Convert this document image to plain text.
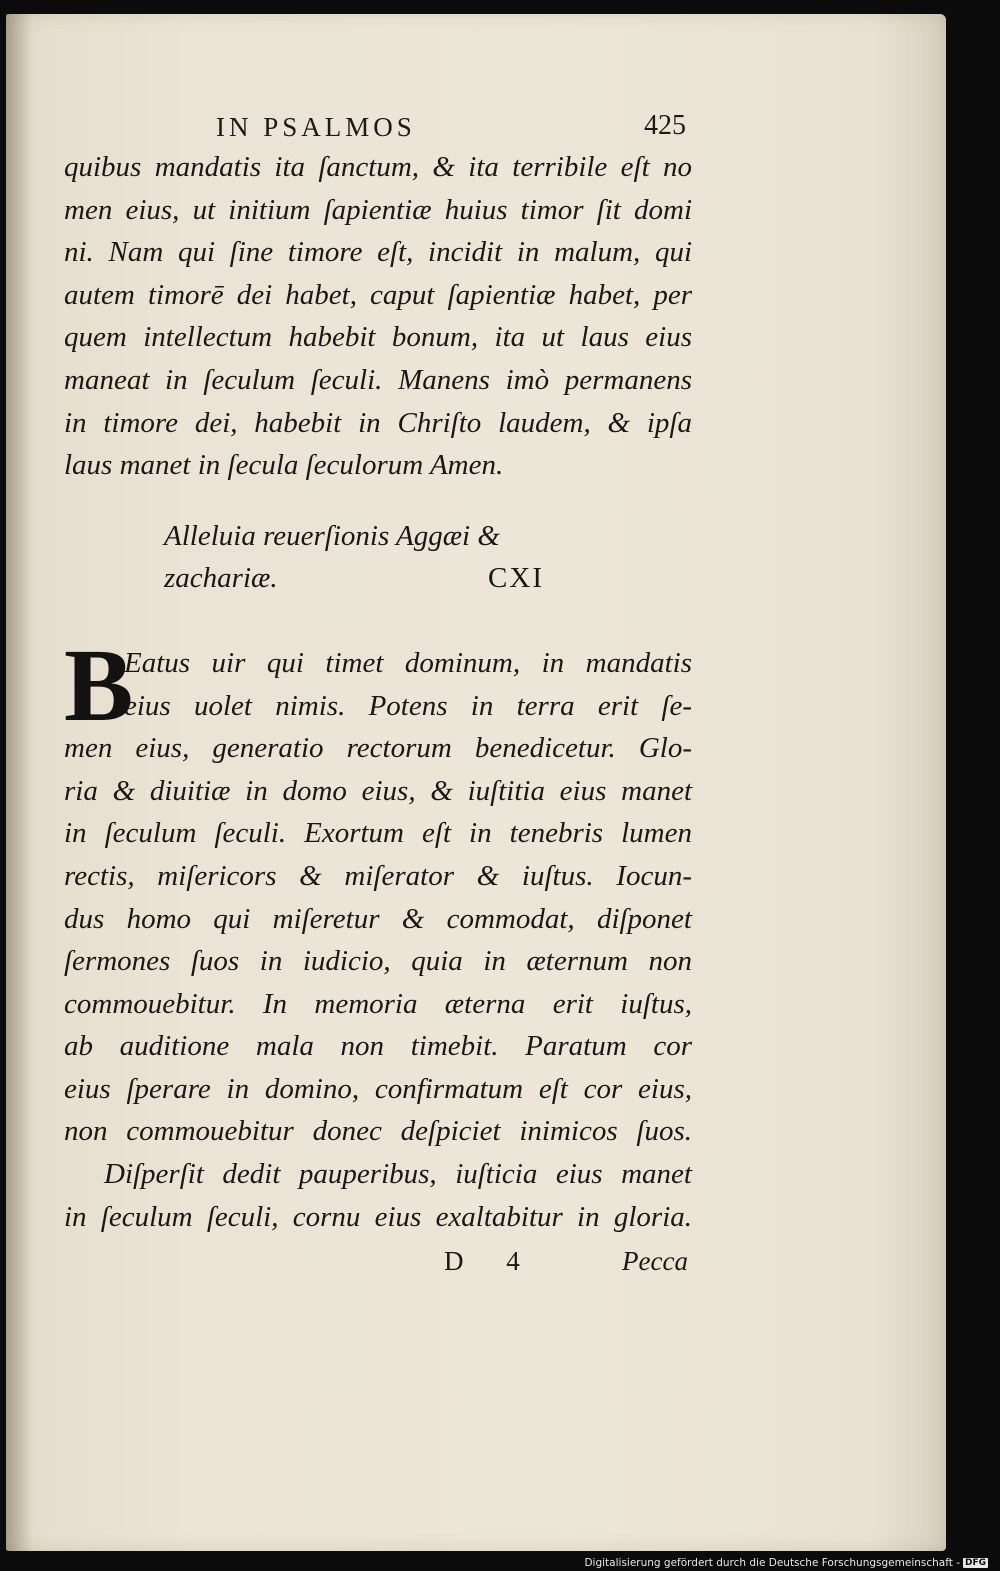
IN PSALMOS	425
quibus mandatis ita ſanctum, & ita terribile eſt no
men eius, ut initium ſapientiæ huius timor ſit domi
ni. Nam qui ſine timore eſt, incidit in malum, qui
autem timorē dei habet, caput ſapientiæ habet, per
quem intellectum habebit bonum, ita ut laus eius
maneat in ſeculum ſeculi. Manens imò permanens
in timore dei, habebit in Chriſto laudem, & ipſa
laus manet in ſecula ſeculorum Amen.
Alleluia reuerſionis Aggæi &
zachariæ.	CXI
B
Eatus uir qui timet dominum, in mandatis
eius uolet nimis. Potens in terra erit ſe-
men eius, generatio rectorum benedicetur. Glo-
ria & diuitiæ in domo eius, & iuſtitia eius manet
in ſeculum ſeculi. Exortum eſt in tenebris lumen
rectis, miſericors & miſerator & iuſtus. Iocun-
dus homo qui miſeretur & commodat, diſponet
ſermones ſuos in iudicio, quia in æternum non
commouebitur. In memoria æterna erit iuſtus,
ab auditione mala non timebit. Paratum cor
eius ſperare in domino, confirmatum eſt cor eius,
non commouebitur donec deſpiciet inimicos ſuos.
Diſperſit dedit pauperibus, iuſticia eius manet
in ſeculum ſeculi, cornu eius exaltabitur in gloria.
D 4	Pecca
Digitalisierung gefördert durch die Deutsche Forschungsgemeinschaft - DFG
